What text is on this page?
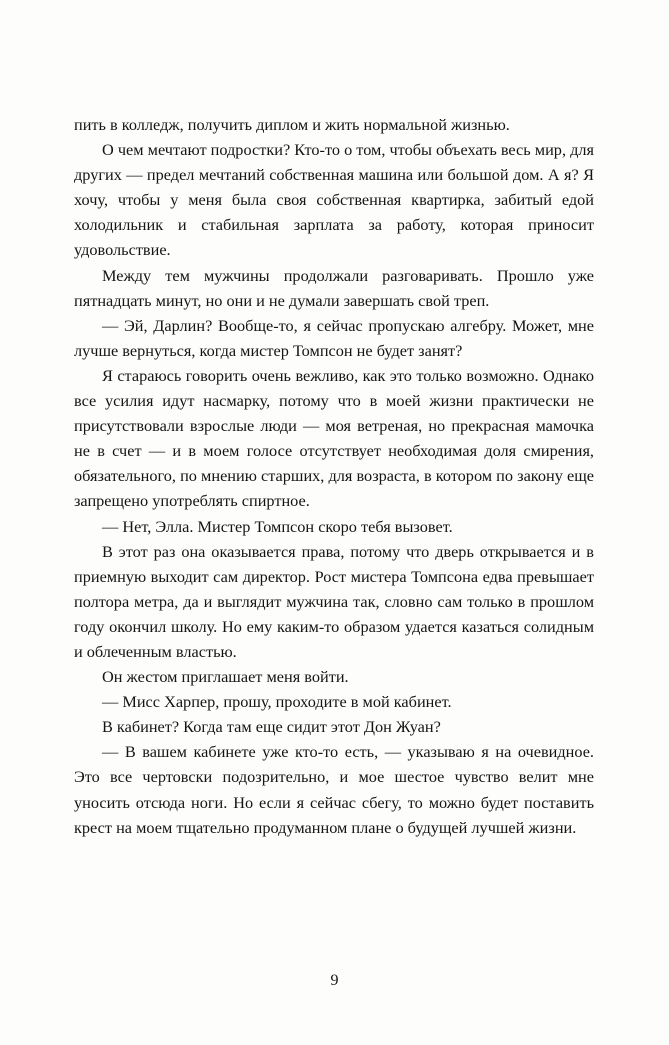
пить в колледж, получить диплом и жить нормальной жизнью.

О чем мечтают подростки? Кто-то о том, чтобы объехать весь мир, для других — предел мечтаний собственная машина или большой дом. А я? Я хочу, чтобы у меня была своя собственная квартирка, забитый едой холодильник и стабильная зарплата за работу, которая приносит удовольствие.

Между тем мужчины продолжали разговаривать. Прошло уже пятнадцать минут, но они и не думали завершать свой треп.

— Эй, Дарлин? Вообще-то, я сейчас пропускаю алгебру. Может, мне лучше вернуться, когда мистер Томпсон не будет занят?

Я стараюсь говорить очень вежливо, как это только возможно. Однако все усилия идут насмарку, потому что в моей жизни практически не присутствовали взрослые люди — моя ветреная, но прекрасная мамочка не в счет — и в моем голосе отсутствует необходимая доля смирения, обязательного, по мнению старших, для возраста, в котором по закону еще запрещено употреблять спиртное.

— Нет, Элла. Мистер Томпсон скоро тебя вызовет.

В этот раз она оказывается права, потому что дверь открывается и в приемную выходит сам директор. Рост мистера Томпсона едва превышает полтора метра, да и выглядит мужчина так, словно сам только в прошлом году окончил школу. Но ему каким-то образом удается казаться солидным и облеченным властью.

Он жестом приглашает меня войти.

— Мисс Харпер, прошу, проходите в мой кабинет.

В кабинет? Когда там еще сидит этот Дон Жуан?

— В вашем кабинете уже кто-то есть, — указываю я на очевидное. Это все чертовски подозрительно, и мое шестое чувство велит мне уносить отсюда ноги. Но если я сейчас сбегу, то можно будет поставить крест на моем тщательно продуманном плане о будущей лучшей жизни.

9
